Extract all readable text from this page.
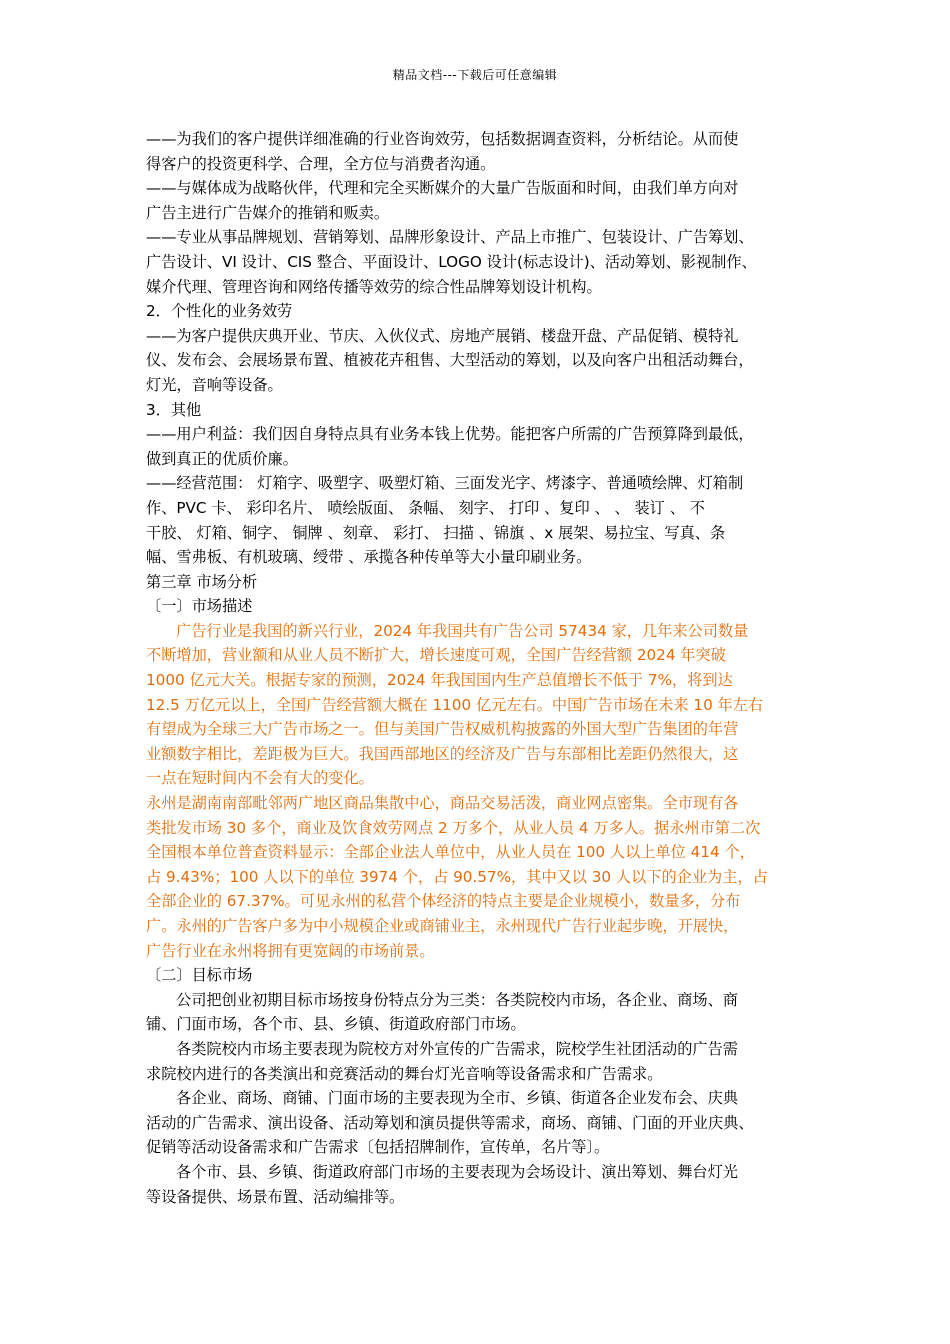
精品文档---下载后可任意编辑
——为我们的客户提供详细准确的行业咨询效劳，包括数据调查资料，分析结论。从而使
得客户的投资更科学、合理，全方位与消费者沟通。
——与媒体成为战略伙伴，代理和完全买断媒介的大量广告版面和时间，由我们单方向对
广告主进行广告媒介的推销和贩卖。
——专业从事品牌规划、营销筹划、品牌形象设计、产品上市推广、包装设计、广告筹划、
广告设计、VI 设计、CIS 整合、平面设计、LOGO 设计(标志设计)、活动筹划、影视制作、
媒介代理、管理咨询和网络传播等效劳的综合性品牌筹划设计机构。
2．个性化的业务效劳
——为客户提供庆典开业、节庆、入伙仪式、房地产展销、楼盘开盘、产品促销、模特礼
仪、发布会、会展场景布置、植被花卉租售、大型活动的筹划，以及向客户出租活动舞台，
灯光，音响等设备。
3．其他
——用户利益：我们因自身特点具有业务本钱上优势。能把客户所需的广告预算降到最低，
做到真正的优质价廉。
——经营范围： 灯箱字、吸塑字、吸塑灯箱、三面发光字、烤漆字、普通喷绘牌、灯箱制
作、PVC 卡、 彩印名片、 喷绘版面、 条幅、 刻字、 打印 、复印 、 、 装订 、 不
干胶、 灯箱、铜字、 铜牌 、刻章、 彩打、 扫描 、锦旗 、x 展架、易拉宝、写真、条
幅、雪弗板、有机玻璃、绶带 、承揽各种传单等大小量印刷业务。
第三章 市场分析
〔一〕市场描述
广告行业是我国的新兴行业，2024 年我国共有广告公司 57434 家，几年来公司数量
不断增加，营业额和从业人员不断扩大，增长速度可观，全国广告经营额 2024 年突破
1000 亿元大关。根据专家的预测，2024 年我国国内生产总值增长不低于 7%，将到达
12.5 万亿元以上，全国广告经营额大概在 1100 亿元左右。中国广告市场在未来 10 年左右
有望成为全球三大广告市场之一。但与美国广告权威机构披露的外国大型广告集团的年营
业额数字相比，差距极为巨大。我国西部地区的经济及广告与东部相比差距仍然很大，这
一点在短时间内不会有大的变化。
永州是湖南南部毗邻两广地区商品集散中心，商品交易活泼，商业网点密集。全市现有各
类批发市场 30 多个，商业及饮食效劳网点 2 万多个，从业人员 4 万多人。据永州市第二次
全国根本单位普查资料显示：全部企业法人单位中，从业人员在 100 人以上单位 414 个，
占 9.43%；100 人以下的单位 3974 个，占 90.57%，其中又以 30 人以下的企业为主，占
全部企业的 67.37%。可见永州的私营个体经济的特点主要是企业规模小，数量多，分布
广。永州的广告客户多为中小规模企业或商铺业主，永州现代广告行业起步晚，开展快，
广告行业在永州将拥有更宽阔的市场前景。
〔二〕目标市场
公司把创业初期目标市场按身份特点分为三类：各类院校内市场，各企业、商场、商
铺、门面市场，各个市、县、乡镇、街道政府部门市场。
各类院校内市场主要表现为院校方对外宣传的广告需求，院校学生社团活动的广告需
求院校内进行的各类演出和竞赛活动的舞台灯光音响等设备需求和广告需求。
各企业、商场、商铺、门面市场的主要表现为全市、乡镇、街道各企业发布会、庆典
活动的广告需求、演出设备、活动筹划和演员提供等需求，商场、商铺、门面的开业庆典、
促销等活动设备需求和广告需求〔包括招牌制作，宣传单，名片等〕。
各个市、县、乡镇、街道政府部门市场的主要表现为会场设计、演出筹划、舞台灯光
等设备提供、场景布置、活动编排等。
